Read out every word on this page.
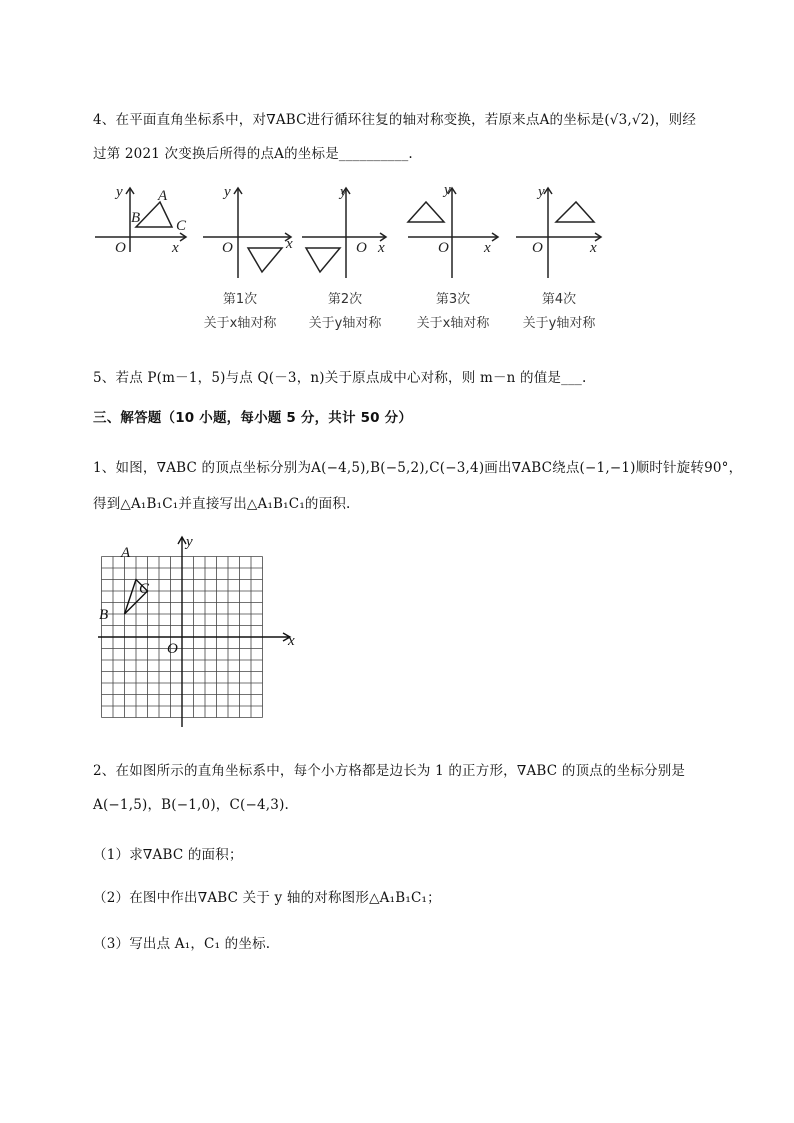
4、在平面直角坐标系中，对∇ABC进行循环往复的轴对称变换，若原来点A的坐标是(√3,√2)，则经
过第 2021 次变换后所得的点A的坐标是__________.
y A
B C
O	x
y
O	x
y
O x
y
O x
y
O	x
第1次
关于x轴对称
第2次
关于y轴对称
第3次
关于x轴对称
第4次
关于y轴对称
5、若点 P(m－1，5)与点 Q(－3，n)关于原点成中心对称，则 m－n 的值是___.
三、解答题（10 小题，每小题 5 分，共计 50 分）
1、如图，∇ABC 的顶点坐标分别为A(−4,5),B(−5,2),C(−3,4)画出∇ABC绕点(−1,−1)顺时针旋转90°，
得到△A₁B₁C₁并直接写出△A₁B₁C₁的面积.
y
x
O
A
B
C
2、在如图所示的直角坐标系中，每个小方格都是边长为 1 的正方形，∇ABC 的顶点的坐标分别是
A(−1,5)，B(−1,0)，C(−4,3).
（1）求∇ABC 的面积；
（2）在图中作出∇ABC 关于 y 轴的对称图形△A₁B₁C₁；
（3）写出点 A₁，C₁ 的坐标.
